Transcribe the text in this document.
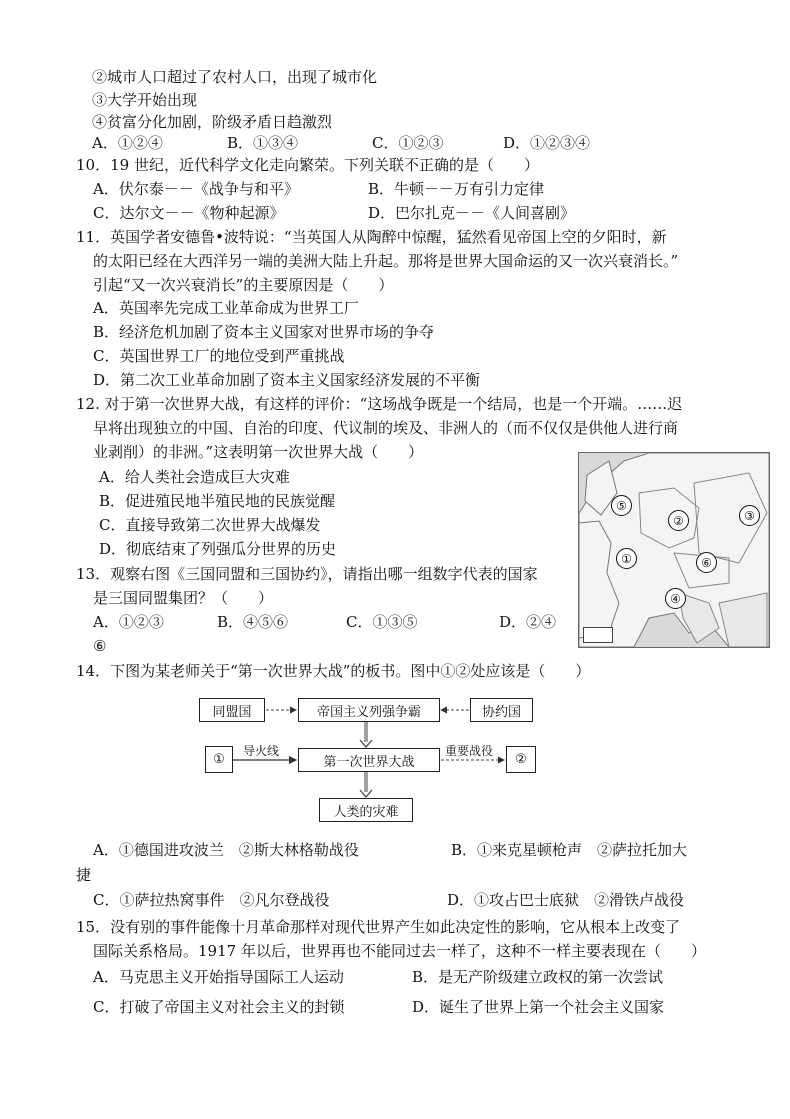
②城市人口超过了农村人口，出现了城市化
③大学开始出现
④贫富分化加剧，阶级矛盾日趋激烈
10．19 世纪，近代科学文化走向繁荣。下列关联不正确的是（　　）
11．英国学者安德鲁•波特说：“当英国人从陶醉中惊醒，猛然看见帝国上空的夕阳时，新
的太阳已经在大西洋另一端的美洲大陆上升起。那将是世界大国命运的又一次兴衰消长。”
引起“又一次兴衰消长”的主要原因是（　　）
A．英国率先完成工业革命成为世界工厂
B．经济危机加剧了资本主义国家对世界市场的争夺
C．英国世界工厂的地位受到严重挑战
D．第二次工业革命加剧了资本主义国家经济发展的不平衡
12. 对于第一次世界大战，有这样的评价：“这场战争既是一个结局，也是一个开端。……迟
早将出现独立的中国、自治的印度、代议制的埃及、非洲人的（而不仅仅是供他人进行商
业剥削）的非洲。”这表明第一次世界大战（　　）
A．给人类社会造成巨大灾难
B．促进殖民地半殖民地的民族觉醒
C．直接导致第二次世界大战爆发
D．彻底结束了列强瓜分世界的历史
13．观察右图《三国同盟和三国协约》，请指出哪一组数字代表的国家
是三国同盟集团？（　　）
⑥
14．下图为某老师关于“第一次世界大战”的板书。图中①②处应该是（　　）
捷
15．没有别的事件能像十月革命那样对现代世界产生如此决定性的影响，它从根本上改变了
国际关系格局。1917 年以后，世界再也不能同过去一样了，这种不一样主要表现在（　　）
A．①②④	B．①③④	C．①②③	D．①②③④
A．伏尔泰－－《战争与和平》	B．牛顿－－万有引力定律
C．达尔文－－《物种起源》	D．巴尔扎克－－《人间喜剧》
A．①②③	B．④⑤⑥	C．①③⑤	D．②④
A．①德国进攻波兰　②斯大林格勒战役	B．①来克星顿枪声　②萨拉托加大
C．①萨拉热窝事件　②凡尔登战役	D．①攻占巴士底狱　②滑铁卢战役
A．马克思主义开始指导国际工人运动	B．是无产阶级建立政权的第一次尝试
C．打破了帝国主义对社会主义的封锁	D．诞生了世界上第一个社会主义国家
⑤
②	③
①	⑥
④
同盟国	帝国主义列强争霸	协约国
①
导火线
第一次世界大战
重要战役
②
人类的灾难
